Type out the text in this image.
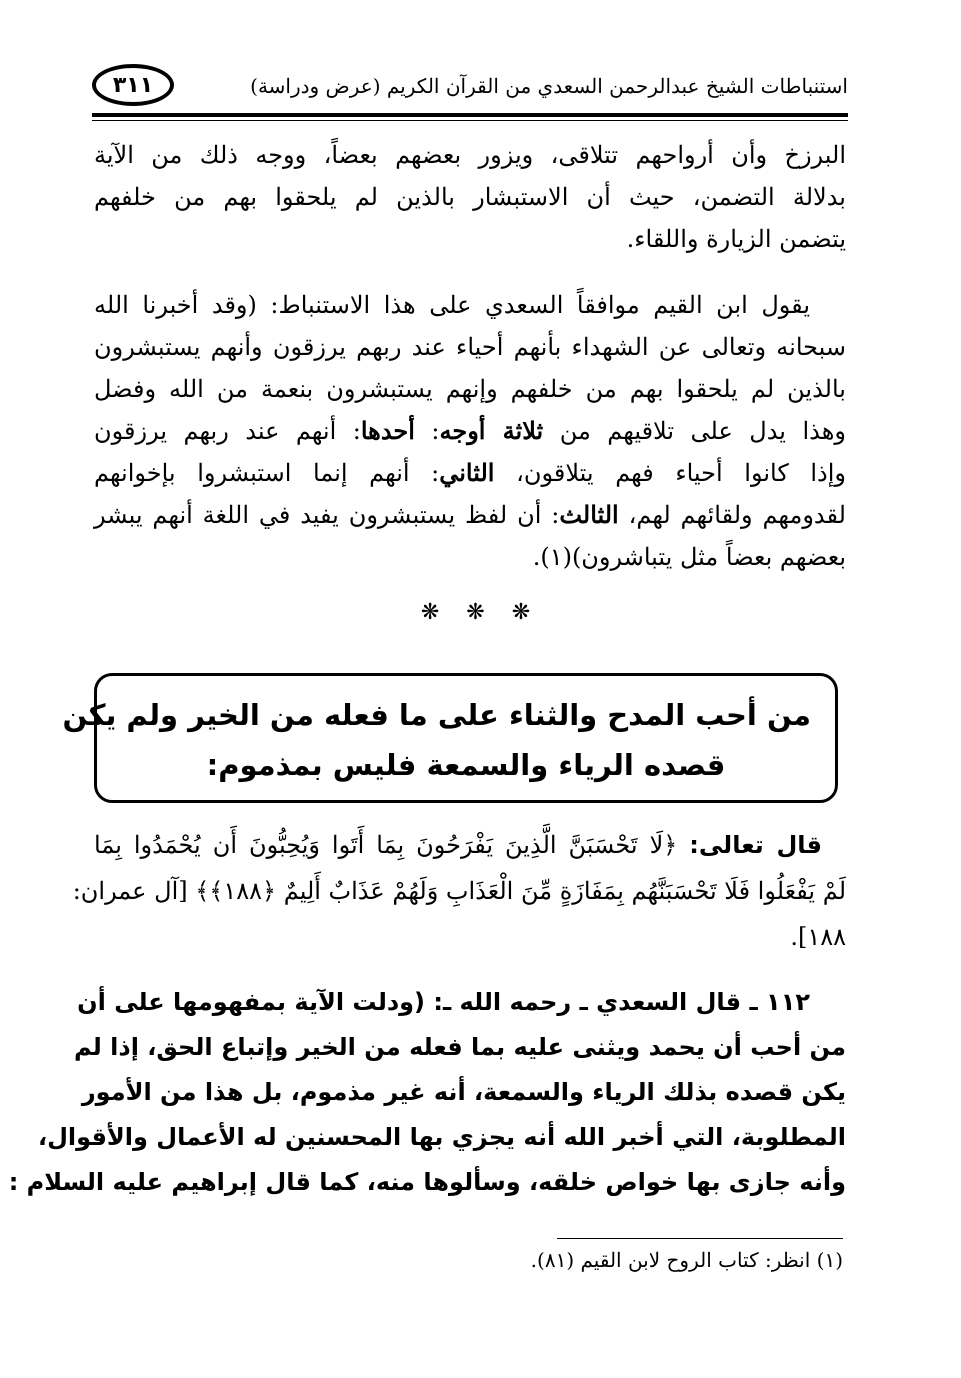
استنباطات الشيخ عبدالرحمن السعدي من القرآن الكريم (عرض ودراسة)
٣١١
البرزخ وأن أرواحهم تتلاقى، ويزور بعضهم بعضاً، ووجه ذلك من الآية
بدلالة التضمن، حيث أن الاستبشار بالذين لم يلحقوا بهم من خلفهم
يتضمن الزيارة واللقاء.
يقول ابن القيم موافقاً السعدي على هذا الاستنباط: (وقد أخبرنا الله
سبحانه وتعالى عن الشهداء بأنهم أحياء عند ربهم يرزقون وأنهم يستبشرون
بالذين لم يلحقوا بهم من خلفهم وإنهم يستبشرون بنعمة من الله وفضل
وهذا يدل على تلاقيهم من ثلاثة أوجه: أحدها: أنهم عند ربهم يرزقون
وإذا كانوا أحياء فهم يتلاقون، الثاني: أنهم إنما استبشروا بإخوانهم
لقدومهم ولقائهم لهم، الثالث: أن لفظ يستبشرون يفيد في اللغة أنهم يبشر
بعضهم بعضاً مثل يتباشرون)(١).
❋ ❋ ❋
من أحب المدح والثناء على ما فعله من الخير ولم يكن
قصده الرياء والسمعة فليس بمذموم:
قال تعالى: ﴿لَا تَحْسَبَنَّ الَّذِينَ يَفْرَحُونَ بِمَا أَتَوا وَيُحِبُّونَ أَن يُحْمَدُوا بِمَا
لَمْ يَفْعَلُوا فَلَا تَحْسَبَنَّهُم بِمَفَازَةٍ مِّنَ الْعَذَابِ وَلَهُمْ عَذَابٌ أَلِيمٌ ﴿١٨٨﴾﴾ [آل عمران:
١٨٨].
١١٢ ـ قال السعدي ـ رحمه الله ـ: (ودلت الآية بمفهومها على أن
من أحب أن يحمد ويثنى عليه بما فعله من الخير وإتباع الحق، إذا لم
يكن قصده بذلك الرياء والسمعة، أنه غير مذموم، بل هذا من الأمور
المطلوبة، التي أخبر الله أنه يجزي بها المحسنين له الأعمال والأقوال،
وأنه جازى بها خواص خلقه، وسألوها منه، كما قال إبراهيم عليه السلام :
(١) انظر: كتاب الروح لابن القيم (٨١).
